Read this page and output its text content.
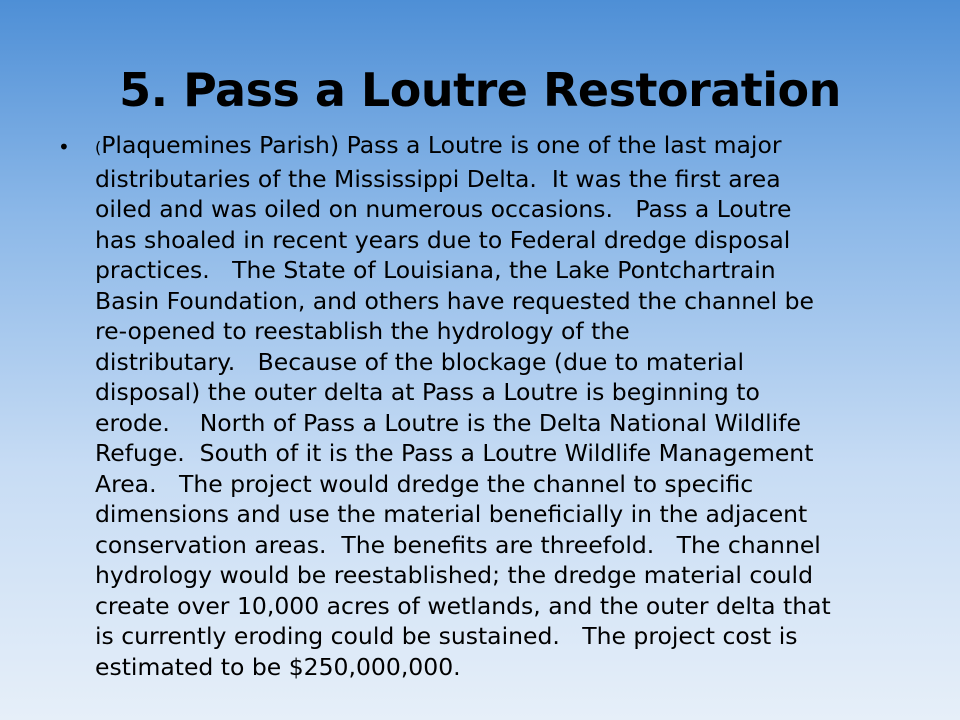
5. Pass a Loutre Restoration
• (Plaquemines Parish) Pass a Loutre is one of the last major
distributaries of the Mississippi Delta.  It was the first area
oiled and was oiled on numerous occasions.   Pass a Loutre
has shoaled in recent years due to Federal dredge disposal
practices.   The State of Louisiana, the Lake Pontchartrain
Basin Foundation, and others have requested the channel be
re-opened to reestablish the hydrology of the
distributary.   Because of the blockage (due to material
disposal) the outer delta at Pass a Loutre is beginning to
erode.    North of Pass a Loutre is the Delta National Wildlife
Refuge.  South of it is the Pass a Loutre Wildlife Management
Area.   The project would dredge the channel to specific
dimensions and use the material beneficially in the adjacent
conservation areas.  The benefits are threefold.   The channel
hydrology would be reestablished; the dredge material could
create over 10,000 acres of wetlands, and the outer delta that
is currently eroding could be sustained.   The project cost is
estimated to be $250,000,000.
